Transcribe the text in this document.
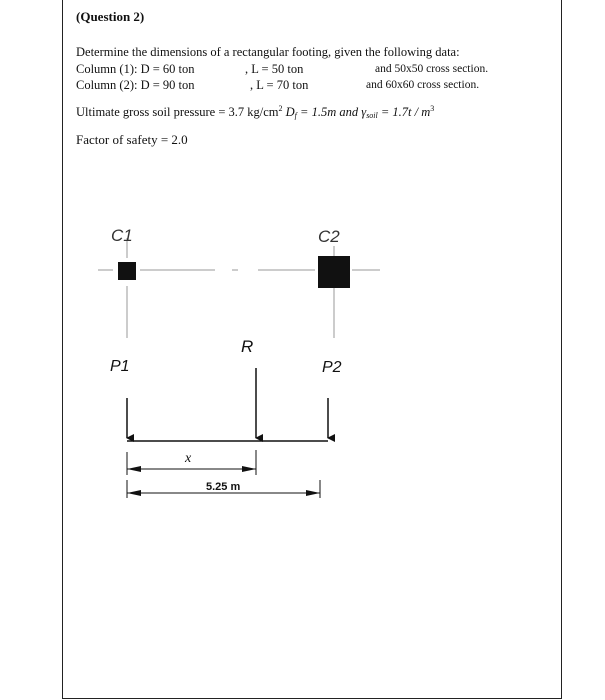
(Question 2)
Determine the dimensions of a rectangular footing, given the following data:
Column (1): D = 60 ton	, L = 50 ton	and 50x50 cross section.
Column (2): D = 90 ton	, L = 70 ton	and 60x60 cross section.
Ultimate gross soil pressure = 3.7 $kg/cm^2$ $D_f = 1.5m$ and $\gamma_{soil} = 1.7t / m^3$
Factor of safety = 2.0
C1	C2
P1
R
P2
x
5.25 m
